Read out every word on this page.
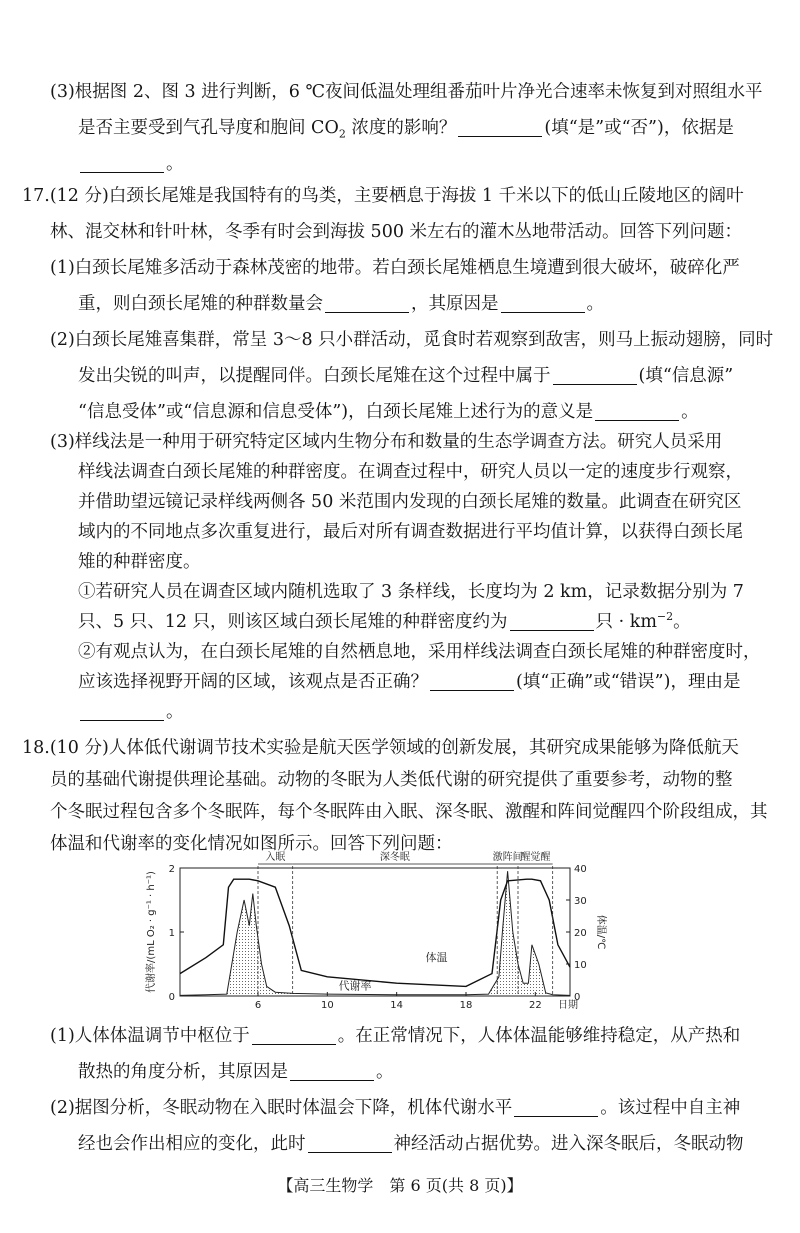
(3)根据图 2、图 3 进行判断，6 ℃夜间低温处理组番茄叶片净光合速率未恢复到对照组水平
是否主要受到气孔导度和胞间 $CO_2$ 浓度的影响？	(填“是”或“否”)，依据是
。
17.(12 分)白颈长尾雉是我国特有的鸟类，主要栖息于海拔 1 千米以下的低山丘陵地区的阔叶
林、混交林和针叶林，冬季有时会到海拔 500 米左右的灌木丛地带活动。回答下列问题：
(1)白颈长尾雉多活动于森林茂密的地带。若白颈长尾雉栖息生境遭到很大破坏，破碎化严
重，则白颈长尾雉的种群数量会	，其原因是	。
(2)白颈长尾雉喜集群，常呈 3～8 只小群活动，觅食时若观察到敌害，则马上振动翅膀，同时
发出尖锐的叫声，以提醒同伴。白颈长尾雉在这个过程中属于	(填“信息源”
“信息受体”或“信息源和信息受体”)，白颈长尾雉上述行为的意义是	。
(3)样线法是一种用于研究特定区域内生物分布和数量的生态学调查方法。研究人员采用
样线法调查白颈长尾雉的种群密度。在调查过程中，研究人员以一定的速度步行观察，
并借助望远镜记录样线两侧各 50 米范围内发现的白颈长尾雉的数量。此调查在研究区
域内的不同地点多次重复进行，最后对所有调查数据进行平均值计算，以获得白颈长尾
雉的种群密度。
①若研究人员在调查区域内随机选取了 3 条样线，长度均为 2 km，记录数据分别为 7
只、5 只、12 只，则该区域白颈长尾雉的种群密度约为	只 · $km^{-2}$。
②有观点认为，在白颈长尾雉的自然栖息地，采用样线法调查白颈长尾雉的种群密度时，
应该选择视野开阔的区域，该观点是否正确？	(填“正确”或“错误”)，理由是
。
18.(10 分)人体低代谢调节技术实验是航天医学领域的创新发展，其研究成果能够为降低航天
6	10	14	18	22
0
1
2
0
10
20
30
40
日期
入眠	深冬眠	激阵间
醒觉醒
代谢率/(mL O₂ · g⁻¹ · h⁻¹)	体温/℃
体温
代谢率
(1)人体体温调节中枢位于	。在正常情况下，人体体温能够维持稳定，从产热和
散热的角度分析，其原因是	。
(2)据图分析，冬眠动物在入眠时体温会下降，机体代谢水平	。该过程中自主神
经也会作出相应的变化，此时	神经活动占据优势。进入深冬眠后，冬眠动物
【高三生物学　第 6 页(共 8 页)】
员的基础代谢提供理论基础。动物的冬眠为人类低代谢的研究提供了重要参考，动物的整
个冬眠过程包含多个冬眠阵，每个冬眠阵由入眠、深冬眠、激醒和阵间觉醒四个阶段组成，其
体温和代谢率的变化情况如图所示。回答下列问题：
